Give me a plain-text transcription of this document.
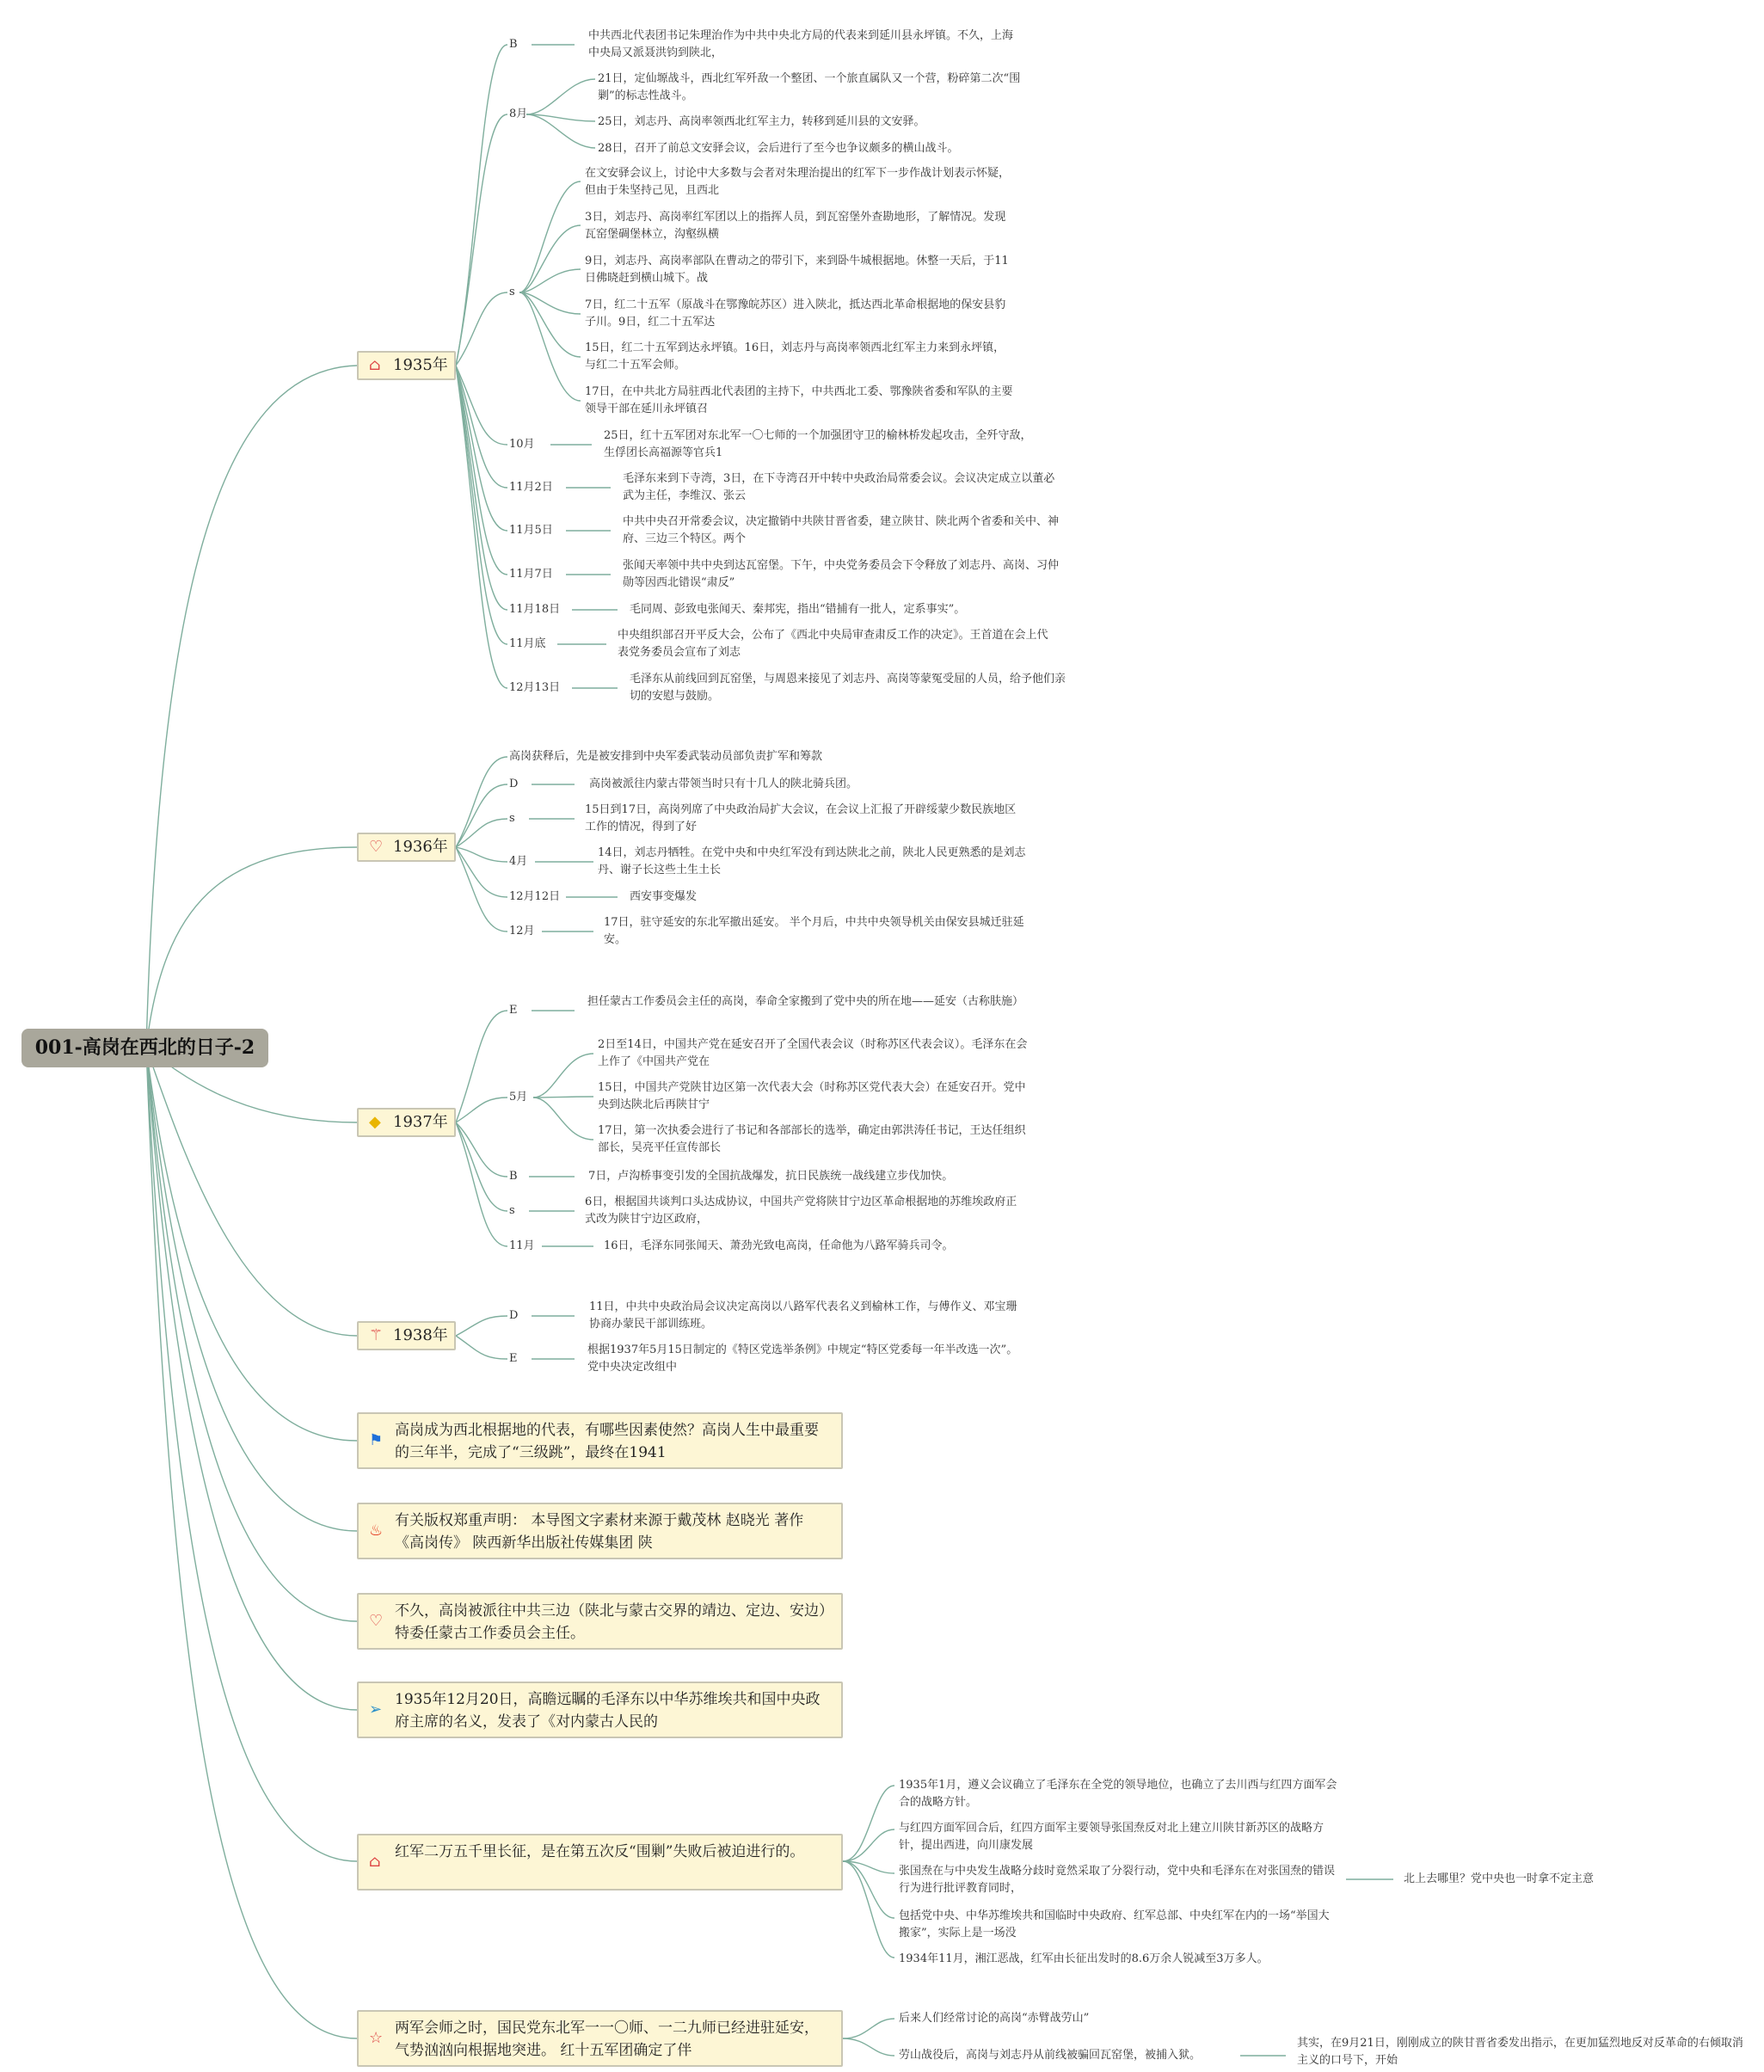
001-高岗在西北的日子-2
⌂ 1935年
♡ 1936年
◆ 1937年
⚚ 1938年
B
中共西北代表团书记朱理治作为中共中央北方局的代表来到延川县永坪镇。不久，上海中央局又派聂洪钧到陕北，
8月
21日，定仙塬战斗，西北红军歼敌一个整团、一个旅直属队又一个营，粉碎第二次“围剿”的标志性战斗。
25日，刘志丹、高岗率领西北红军主力，转移到延川县的文安驿。
28日，召开了前总文安驿会议，会后进行了至今也争议颇多的横山战斗。
s
在文安驿会议上，讨论中大多数与会者对朱理治提出的红军下一步作战计划表示怀疑，但由于朱坚持己见，且西北
3日，刘志丹、高岗率红军团以上的指挥人员，到瓦窑堡外查勘地形，了解情况。发现瓦窑堡碉堡林立，沟壑纵横
9日，刘志丹、高岗率部队在曹动之的带引下，来到卧牛城根据地。休整一天后，于11日佛晓赶到横山城下。战
7日，红二十五军（原战斗在鄂豫皖苏区）进入陕北，抵达西北革命根据地的保安县豹子川。9日，红二十五军达
15日，红二十五军到达永坪镇。16日，刘志丹与高岗率领西北红军主力来到永坪镇，与红二十五军会师。
17日，在中共北方局驻西北代表团的主持下，中共西北工委、鄂豫陕省委和军队的主要领导干部在延川永坪镇召
10月
25日，红十五军团对东北军一〇七师的一个加强团守卫的榆林桥发起攻击，全歼守敌，生俘团长高福源等官兵1
11月2日
毛泽东来到下寺湾，3日，在下寺湾召开中转中央政治局常委会议。会议决定成立以董必武为主任，李维汉、张云
11月5日
中共中央召开常委会议，决定撤销中共陕甘晋省委，建立陕甘、陕北两个省委和关中、神府、三边三个特区。两个
11月7日
张闻天率领中共中央到达瓦窑堡。下午，中央党务委员会下令释放了刘志丹、高岗、习仲勋等因西北错误“肃反”
11月18日	毛同周、彭致电张闻天、秦邦宪，指出“错捕有一批人，定系事实”。
11月底
中央组织部召开平反大会，公布了《西北中央局审查肃反工作的决定》。王首道在会上代表党务委员会宣布了刘志
12月13日
毛泽东从前线回到瓦窑堡，与周恩来接见了刘志丹、高岗等蒙冤受屈的人员，给予他们亲切的安慰与鼓励。
高岗获释后，先是被安排到中央军委武装动员部负责扩军和筹款
D	高岗被派往内蒙古带领当时只有十几人的陕北骑兵团。
s
15日到17日，高岗列席了中央政治局扩大会议，在会议上汇报了开辟绥蒙少数民族地区工作的情况，得到了好
4月
14日，刘志丹牺牲。在党中央和中央红军没有到达陕北之前，陕北人民更熟悉的是刘志丹、谢子长这些土生土长
12月12日	西安事变爆发
12月
17日，驻守延安的东北军撤出延安。 半个月后，中共中央领导机关由保安县城迁驻延安。
E
担任蒙古工作委员会主任的高岗，奉命全家搬到了党中央的所在地——延安（古称肤施）
5月
2日至14日，中国共产党在延安召开了全国代表会议（时称苏区代表会议）。毛泽东在会上作了《中国共产党在
15日，中国共产党陕甘边区第一次代表大会（时称苏区党代表大会）在延安召开。党中央到达陕北后再陕甘宁
17日，第一次执委会进行了书记和各部部长的选举，确定由郭洪涛任书记，王达任组织部长，吴亮平任宣传部长
B	7日，卢沟桥事变引发的全国抗战爆发，抗日民族统一战线建立步伐加快。
s
6日，根据国共谈判口头达成协议，中国共产党将陕甘宁边区革命根据地的苏维埃政府正式改为陕甘宁边区政府，
11月	16日，毛泽东同张闻天、萧劲光致电高岗，任命他为八路军骑兵司令。
D
11日，中共中央政治局会议决定高岗以八路军代表名义到榆林工作，与傅作义、邓宝珊协商办蒙民干部训练班。
E
根据1937年5月15日制定的《特区党选举条例》中规定“特区党委每一年半改选一次”。党中央决定改组中
⚑
高岗成为西北根据地的代表，有哪些因素使然？高岗人生中最重要的三年半，完成了“三级跳”，最终在1941
♨
有关版权郑重声明： 本导图文字素材来源于戴茂林 赵晓光 著作《高岗传》 陕西新华出版社传媒集团 陕
♡
不久，高岗被派往中共三边（陕北与蒙古交界的靖边、定边、安边）特委任蒙古工作委员会主任。
➢
1935年12月20日，高瞻远瞩的毛泽东以中华苏维埃共和国中央政府主席的名义，发表了《对内蒙古人民的
⌂
红军二万五千里长征，是在第五次反“围剿”失败后被迫进行的。
☆
两军会师之时，国民党东北军一一〇师、一二九师已经进驻延安，气势汹汹向根据地突进。 红十五军团确定了伴
1935年1月，遵义会议确立了毛泽东在全党的领导地位，也确立了去川西与红四方面军会合的战略方针。
与红四方面军回合后，红四方面军主要领导张国焘反对北上建立川陕甘新苏区的战略方针，提出西进，向川康发展
张国焘在与中央发生战略分歧时竟然采取了分裂行动，党中央和毛泽东在对张国焘的错误行为进行批评教育同时，
包括党中央、中华苏维埃共和国临时中央政府、红军总部、中央红军在内的一场“举国大搬家”，实际上是一场没
1934年11月，湘江恶战，红军由长征出发时的8.6万余人锐减至3万多人。
北上去哪里？党中央也一时拿不定主意
后来人们经常讨论的高岗“赤臂战劳山”
劳山战役后，高岗与刘志丹从前线被骗回瓦窑堡，被捕入狱。
其实，在9月21日，刚刚成立的陕甘晋省委发出指示，在更加猛烈地反对反革命的右倾取消主义的口号下，开始
